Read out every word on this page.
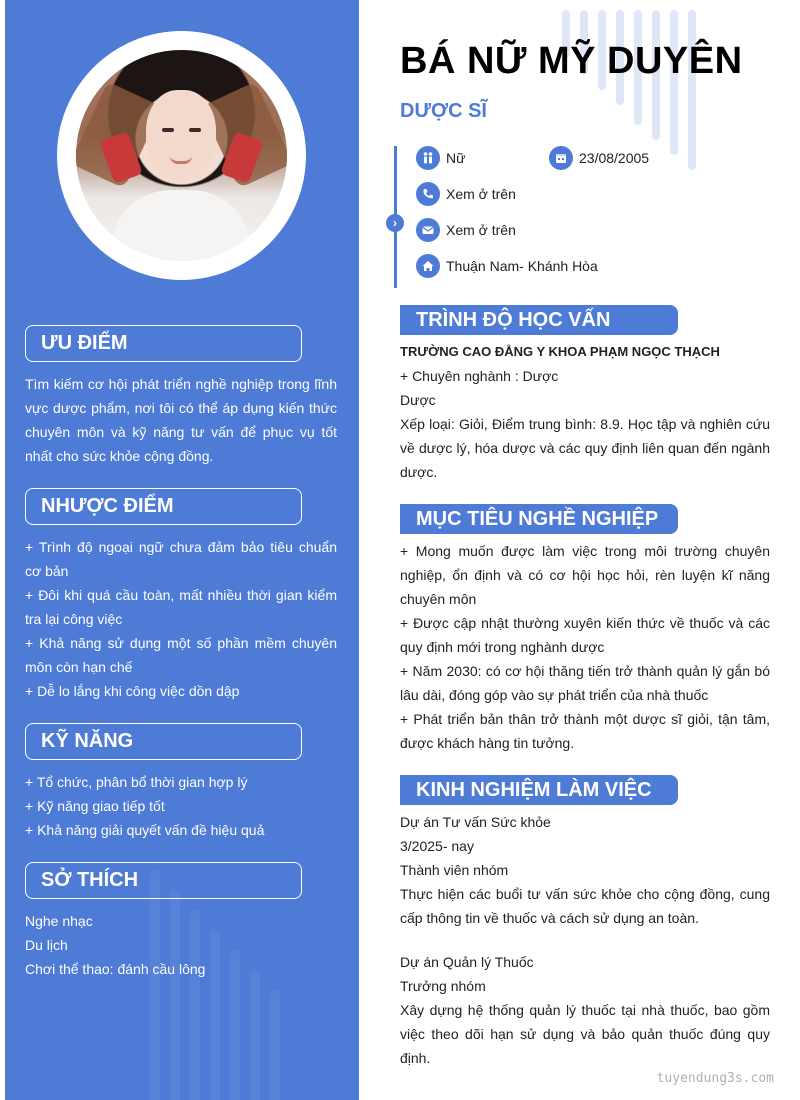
ƯU ĐIỂM
Tìm kiếm cơ hội phát triển nghề nghiệp trong lĩnh vực dược phẩm, nơi tôi có thể áp dụng kiến thức chuyên môn và kỹ năng tư vấn để phục vụ tốt nhất cho sức khỏe cộng đồng.
NHƯỢC ĐIỂM

+ Trình độ ngoại ngữ chưa đảm bảo tiêu chuẩn cơ bản

+ Đôi khi quá cầu toàn, mất nhiều thời gian kiểm tra lại công việc

+ Khả năng sử dụng một số phần mềm chuyên môn còn hạn chế

+ Dễ lo lắng khi công việc dồn dập

KỸ NĂNG

+ Tổ chức, phân bổ thời gian hợp lý

+ Kỹ năng giao tiếp tốt

+ Khả năng giải quyết vấn đề hiệu quả

SỞ THÍCH

Nghe nhạc

Du lịch

Chơi thể thao: đánh cầu lông

BÁ NỮ MỸ DUYÊN
DƯỢC SĨ
›
Nữ	23/08/2005
Xem ở trên
Xem ở trên
Thuận Nam- Khánh Hòa
TRÌNH ĐỘ HỌC VẤN

TRƯỜNG CAO ĐẲNG Y KHOA PHẠM NGỌC THẠCH

+ Chuyên nghành : Dược

Dược

Xếp loại: Giỏi, Điểm trung bình: 8.9. Học tập và nghiên cứu về dược lý, hóa dược và các quy định liên quan đến ngành dược.

MỤC TIÊU NGHỀ NGHIỆP

+ Mong muốn được làm việc trong môi trường chuyên nghiệp, ổn định và có cơ hội học hỏi, rèn luyện kĩ năng chuyên môn

+ Được cập nhật thường xuyên kiến thức về thuốc và các quy định mới trong nghành dược

+ Năm 2030: có cơ hội thăng tiến trở thành quản lý gắn bó lâu dài, đóng góp vào sự phát triển của nhà thuốc

+ Phát triển bản thân trở thành một dược sĩ giỏi, tận tâm, được khách hàng tin tưởng.

KINH NGHIỆM LÀM VIỆC

Dự án Tư vấn Sức khỏe

3/2025- nay

Thành viên nhóm

Thực hiện các buổi tư vấn sức khỏe cho cộng đồng, cung cấp thông tin về thuốc và cách sử dụng an toàn.

Dự án Quản lý Thuốc

Trưởng nhóm

Xây dựng hệ thống quản lý thuốc tại nhà thuốc, bao gồm việc theo dõi hạn sử dụng và bảo quản thuốc đúng quy định.

tuyendung3s.com
